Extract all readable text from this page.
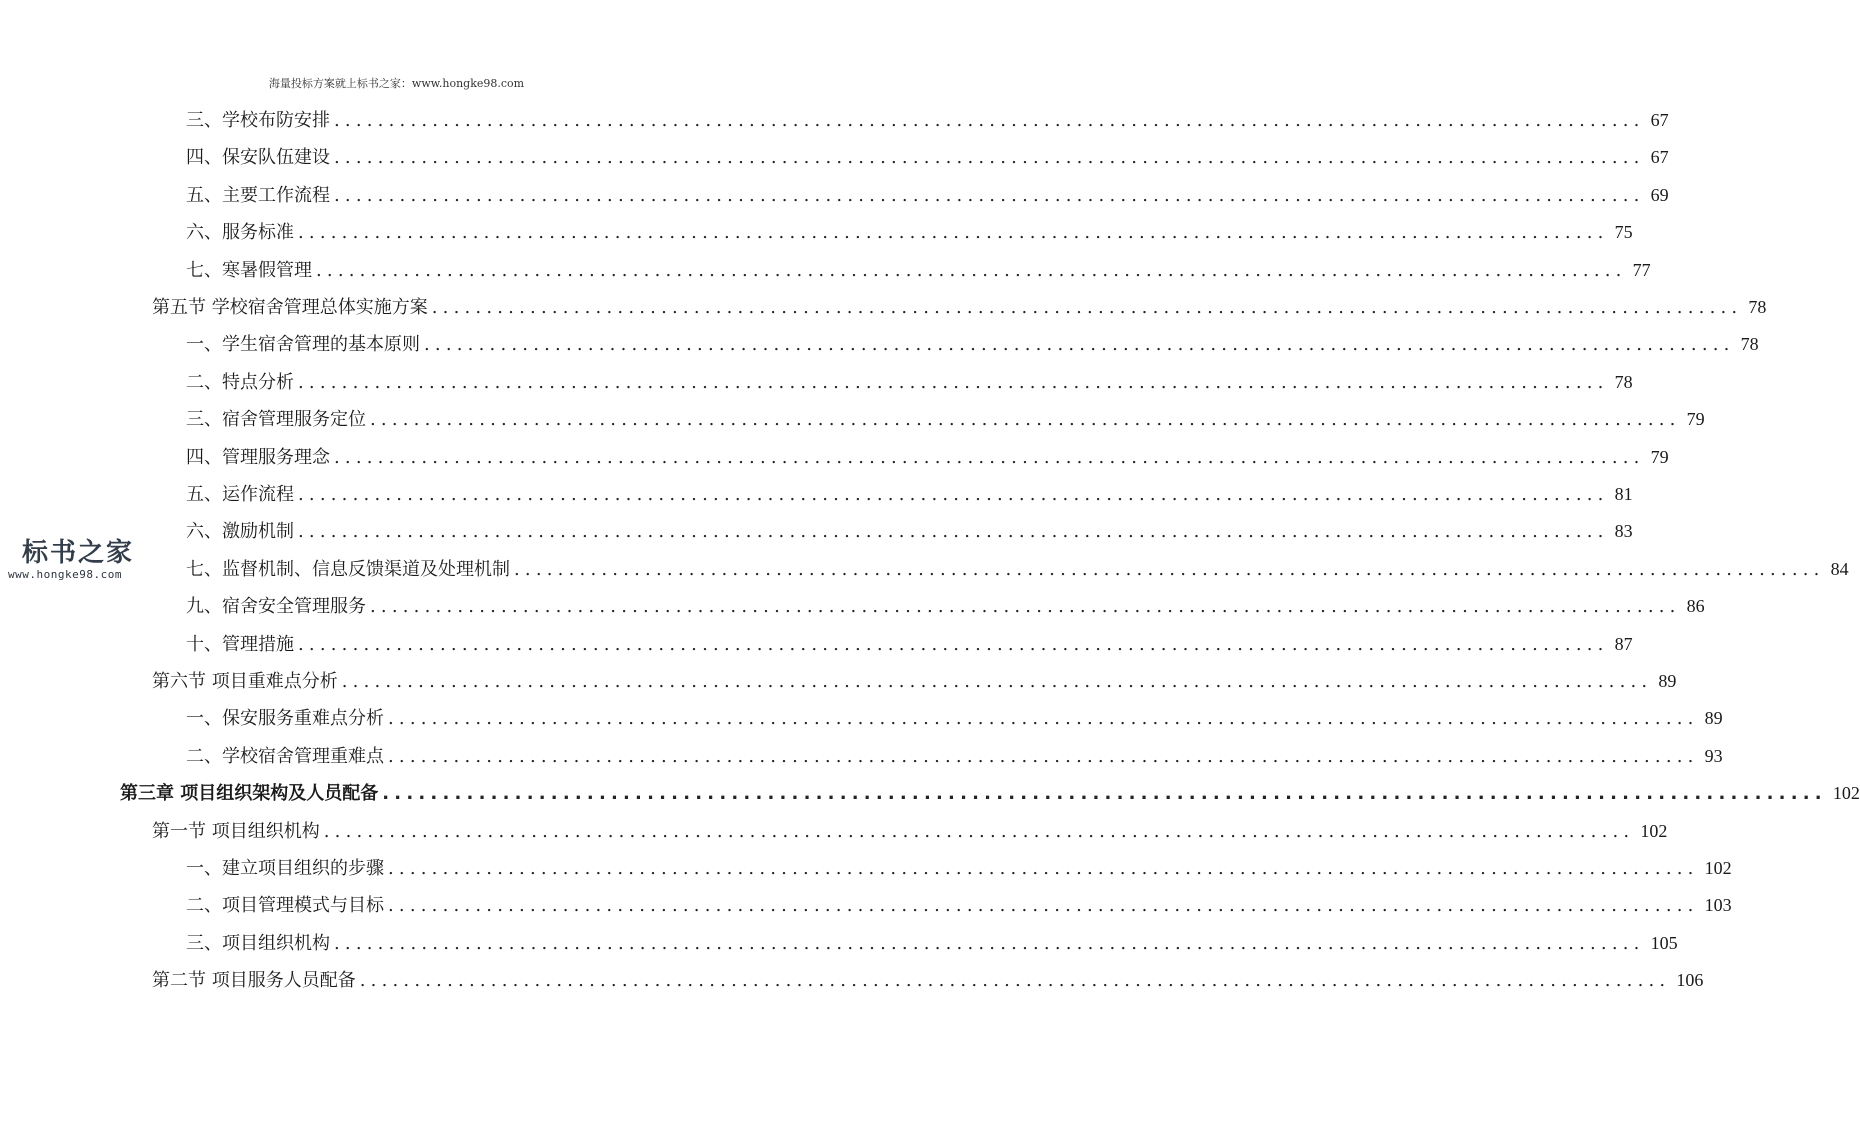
海量投标方案就上标书之家：www.hongke98.com
标书之家
www.hongke98.com
三、学校布防安排 ........................................................................................................................ 67
四、保安队伍建设 ........................................................................................................................ 67
五、主要工作流程 ........................................................................................................................ 69
六、服务标准 ........................................................................................................................ 75
七、寒暑假管理 ........................................................................................................................ 77
第五节 学校宿舍管理总体实施方案 ........................................................................................................................ 78
一、学生宿舍管理的基本原则 ........................................................................................................................ 78
二、特点分析 ........................................................................................................................ 78
三、宿舍管理服务定位 ........................................................................................................................ 79
四、管理服务理念 ........................................................................................................................ 79
五、运作流程 ........................................................................................................................ 81
六、激励机制 ........................................................................................................................ 83
七、监督机制、信息反馈渠道及处理机制 ........................................................................................................................ 84
九、宿舍安全管理服务 ........................................................................................................................ 86
十、管理措施 ........................................................................................................................ 87
第六节 项目重难点分析 ........................................................................................................................ 89
一、保安服务重难点分析 ........................................................................................................................ 89
二、学校宿舍管理重难点 ........................................................................................................................ 93
第三章 项目组织架构及人员配备 ........................................................................................................................ 102
第一节 项目组织机构 ........................................................................................................................ 102
一、建立项目组织的步骤 ........................................................................................................................ 102
二、项目管理模式与目标 ........................................................................................................................ 103
三、项目组织机构 ........................................................................................................................ 105
第二节 项目服务人员配备 ........................................................................................................................ 106
